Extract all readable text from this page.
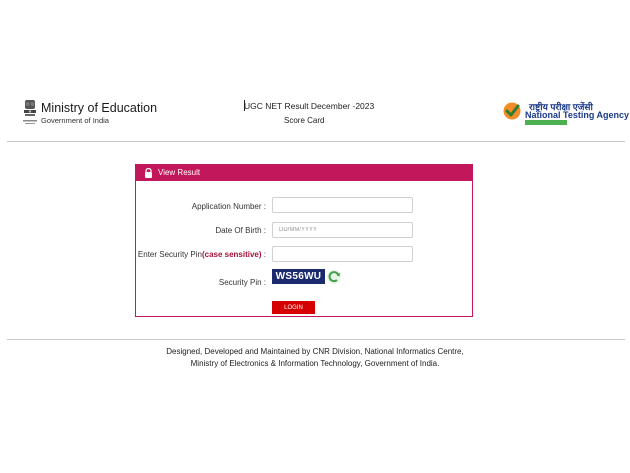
Ministry of Education
Government of India
UGC NET Result December -2023
Score Card
राष्ट्रीय परीक्षा एजेंसी
National Testing Agency
View Result
Application Number :
Date Of Birth :
DD/MM/YYYY
Enter Security Pin(case sensitive) :
Security Pin :
WS56WU
LOGIN
Designed, Developed and Maintained by CNR Division, National Informatics Centre,
Ministry of Electronics & Information Technology, Government of India.
